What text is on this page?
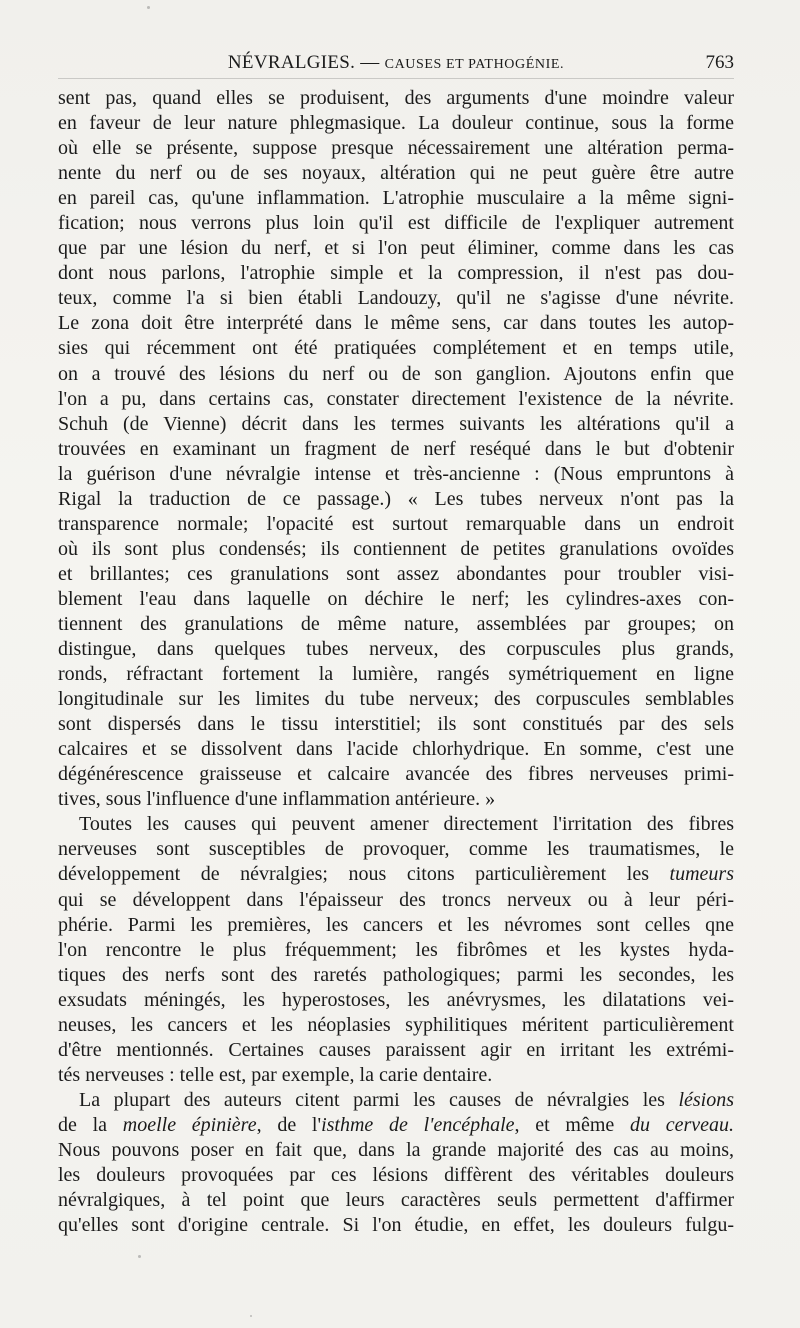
NÉVRALGIES. — CAUSES ET PATHOGÉNIE.	763
sent pas, quand elles se produisent, des arguments d'une moindre valeur
en faveur de leur nature phlegmasique. La douleur continue, sous la forme
où elle se présente, suppose presque nécessairement une altération perma-
nente du nerf ou de ses noyaux, altération qui ne peut guère être autre
en pareil cas, qu'une inflammation. L'atrophie musculaire a la même signi-
fication; nous verrons plus loin qu'il est difficile de l'expliquer autrement
que par une lésion du nerf, et si l'on peut éliminer, comme dans les cas
dont nous parlons, l'atrophie simple et la compression, il n'est pas dou-
teux, comme l'a si bien établi Landouzy, qu'il ne s'agisse d'une névrite.
Le zona doit être interprété dans le même sens, car dans toutes les autop-
sies qui récemment ont été pratiquées complétement et en temps utile,
on a trouvé des lésions du nerf ou de son ganglion. Ajoutons enfin que
l'on a pu, dans certains cas, constater directement l'existence de la névrite.
Schuh (de Vienne) décrit dans les termes suivants les altérations qu'il a
trouvées en examinant un fragment de nerf reséqué dans le but d'obtenir
la guérison d'une névralgie intense et très-ancienne : (Nous empruntons à
Rigal la traduction de ce passage.) « Les tubes nerveux n'ont pas la
transparence normale; l'opacité est surtout remarquable dans un endroit
où ils sont plus condensés; ils contiennent de petites granulations ovoïdes
et brillantes; ces granulations sont assez abondantes pour troubler visi-
blement l'eau dans laquelle on déchire le nerf; les cylindres-axes con-
tiennent des granulations de même nature, assemblées par groupes; on
distingue, dans quelques tubes nerveux, des corpuscules plus grands,
ronds, réfractant fortement la lumière, rangés symétriquement en ligne
longitudinale sur les limites du tube nerveux; des corpuscules semblables
sont dispersés dans le tissu interstitiel; ils sont constitués par des sels
calcaires et se dissolvent dans l'acide chlorhydrique. En somme, c'est une
dégénérescence graisseuse et calcaire avancée des fibres nerveuses primi-
tives, sous l'influence d'une inflammation antérieure. »
Toutes les causes qui peuvent amener directement l'irritation des fibres
nerveuses sont susceptibles de provoquer, comme les traumatismes, le
développement de névralgies; nous citons particulièrement les tumeurs
qui se développent dans l'épaisseur des troncs nerveux ou à leur péri-
phérie. Parmi les premières, les cancers et les névromes sont celles qne
l'on rencontre le plus fréquemment; les fibrômes et les kystes hyda-
tiques des nerfs sont des raretés pathologiques; parmi les secondes, les
exsudats méningés, les hyperostoses, les anévrysmes, les dilatations vei-
neuses, les cancers et les néoplasies syphilitiques méritent particulièrement
d'être mentionnés. Certaines causes paraissent agir en irritant les extrémi-
tés nerveuses : telle est, par exemple, la carie dentaire.
La plupart des auteurs citent parmi les causes de névralgies les lésions
de la moelle épinière, de l'isthme de l'encéphale, et même du cerveau.
Nous pouvons poser en fait que, dans la grande majorité des cas au moins,
les douleurs provoquées par ces lésions diffèrent des véritables douleurs
névralgiques, à tel point que leurs caractères seuls permettent d'affirmer
qu'elles sont d'origine centrale. Si l'on étudie, en effet, les douleurs fulgu-
